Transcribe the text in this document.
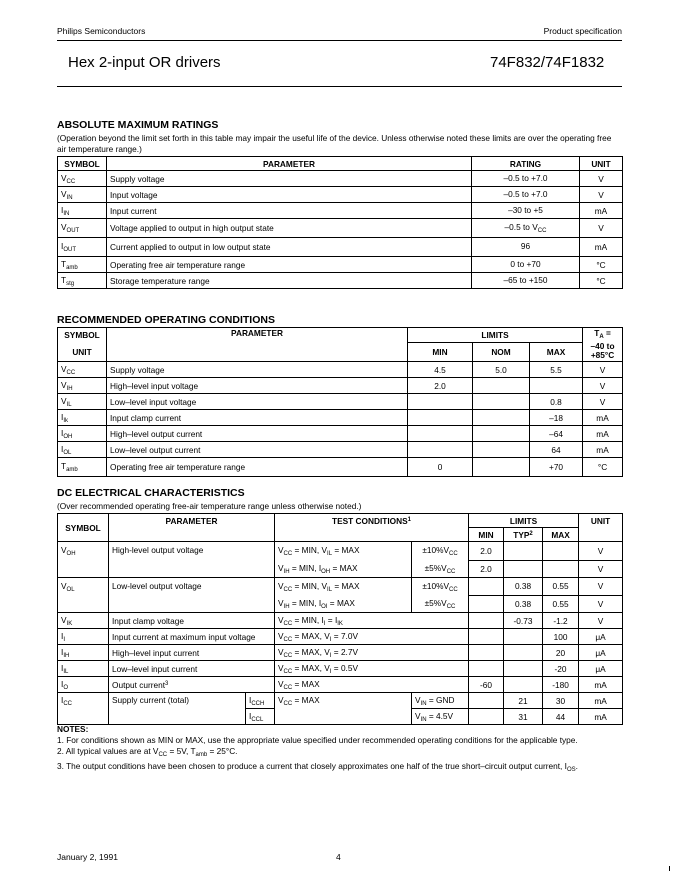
Philips Semiconductors	Product specification
Hex 2-input OR drivers	74F832/74F1832
ABSOLUTE MAXIMUM RATINGS
(Operation beyond the limit set forth in this table may impair the useful life of the device. Unless otherwise noted these limits are over the operating free air temperature range.)
SYMBOL	PARAMETER	RATING	UNIT
$V_{CC}$	Supply voltage	–0.5 to +7.0	V
$V_{IN}$	Input voltage	–0.5 to +7.0	V
$I_{IN}$	Input current	–30 to +5	mA
$V_{OUT}$	Voltage applied to output in high output state	–0.5 to $V_{CC}$	V
$I_{OUT}$	Current applied to output in low output state	96	mA
$T_{amb}$	Operating free air temperature range	0 to +70	°C
$T_{stg}$	Storage temperature range	–65 to +150	°C
RECOMMENDED OPERATING CONDITIONS
SYMBOL	PARAMETER	LIMITS			$T_A$ =
–40 to
+85°C
UNIT		MIN	NOM	MAX	
$V_{CC}$	Supply voltage	4.5	5.0	5.5	V
$V_{IH}$	High–level input voltage	2.0			V
$V_{IL}$	Low–level input voltage			0.8	V
$I_{Ik}$	Input clamp current			–18	mA
$I_{OH}$	High–level output current			–64	mA
$I_{OL}$	Low–level output current			64	mA
$T_{amb}$	Operating free air temperature range	0		+70	°C
DC ELECTRICAL CHARACTERISTICS
(Over recommended operating free-air temperature range unless otherwise noted.)
SYMBOL	PARAMETER		TEST CONDITIONS$^1$		LIMITS			UNIT
					MIN	TYP$^2$	MAX	
$V_{OH}$	High-level output voltage		$V_{CC}$ = MIN, $V_{IL}$ = MAX	$\pm 10\%V_{CC}$	2.0			V
			$V_{IH}$ = MIN, $I_{OH}$ = MAX	$\pm 5\%V_{CC}$	2.0			V
$V_{OL}$	Low-level output voltage		$V_{CC}$ = MIN, $V_{IL}$ = MAX	$\pm 10\%V_{CC}$		0.38	0.55	V
			$V_{IH}$ = MIN, $I_{OI}$ = MAX	$\pm 5\%V_{CC}$		0.38	0.55	V
$V_{IK}$	Input clamp voltage		$V_{CC}$ = MIN, $I_I = I_{IK}$			-0.73	-1.2	V
$I_I$	Input current at maximum input voltage		$V_{CC}$ = MAX, $V_I = 7.0V$				100	μA
$I_{IH}$	High–level input current		$V_{CC}$ = MAX, $V_I = 2.7V$				20	μA
$I_{IL}$	Low–level input current		$V_{CC}$ = MAX, $V_I = 0.5V$				-20	μA
$I_O$	Output current$^3$		$V_{CC}$ = MAX		-60		-180	mA
$I_{CC}$	Supply current (total)	$I_{CCH}$	$V_{CC}$ = MAX	$V_{IN}$ = GND		21	30	mA
		$I_{CCL}$		$V_{IN} = 4.5V$		31	44	mA
NOTES:
1. For conditions shown as MIN or MAX, use the appropriate value specified under recommended operating conditions for the applicable type.
2. All typical values are at $V_{CC} = 5V$, $T_{amb} = 25^\circ C$.
3. The output conditions have been chosen to produce a current that closely approximates one half of the true short–circuit output current, $I_{OS}$.
January 2, 1991	4
